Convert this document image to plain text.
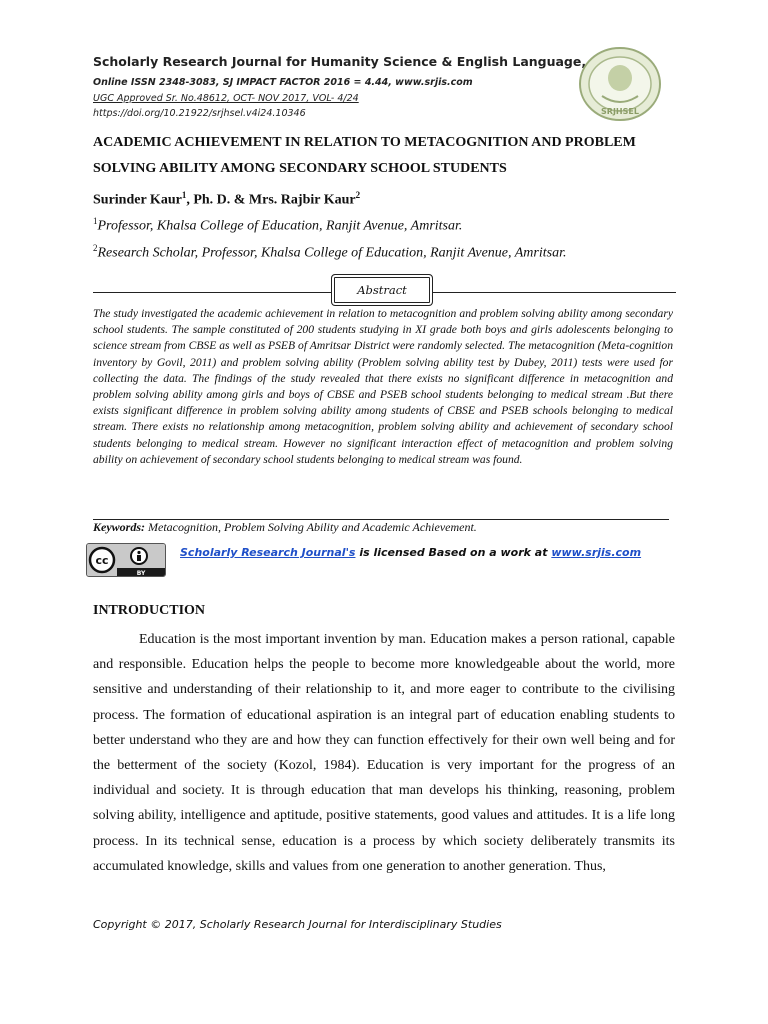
Scholarly Research Journal for Humanity Science & English Language,
Online ISSN 2348-3083, SJ IMPACT FACTOR 2016 = 4.44, www.srjis.com
UGC Approved Sr. No.48612, OCT- NOV 2017, VOL- 4/24
https://doi.org/10.21922/srjhsel.v4i24.10346	SRJHSEL
ACADEMIC ACHIEVEMENT IN RELATION TO METACOGNITION AND PROBLEM SOLVING ABILITY AMONG SECONDARY SCHOOL STUDENTS
Surinder Kaur$^1$, Ph. D. & Mrs. Rajbir Kaur$^2$
$^1$Professor, Khalsa College of Education, Ranjit Avenue, Amritsar.
$^2$Research Scholar, Professor, Khalsa College of Education, Ranjit Avenue, Amritsar.
Abstract
The study investigated the academic achievement in relation to metacognition and problem solving ability among secondary school students. The sample constituted of 200 students studying in XI grade both boys and girls adolescents belonging to science stream from CBSE as well as PSEB of Amritsar District were randomly selected. The metacognition (Meta-cognition inventory by Govil, 2011) and problem solving ability (Problem solving ability test by Dubey, 2011) tests were used for collecting the data. The findings of the study revealed that there exists no significant difference in metacognition and problem solving ability among girls and boys of CBSE and PSEB school students belonging to medical stream .But there exists significant difference in problem solving ability among students of CBSE and PSEB schools belonging to medical stream. There exists no relationship among metacognition, problem solving ability and achievement of secondary school students belonging to medical stream. However no significant interaction effect of metacognition and problem solving ability on achievement of secondary school students belonging to medical stream was found.
Keywords: Metacognition, Problem Solving Ability and Academic Achievement.
cc
BY
Scholarly Research Journal's is licensed Based on a work at www.srjis.com
INTRODUCTION
Education is the most important invention by man. Education makes a person rational, capable and responsible. Education helps the people to become more knowledgeable about the world, more sensitive and understanding of their relationship to it, and more eager to contribute to the civilising process. The formation of educational aspiration is an integral part of education enabling students to better understand who they are and how they can function effectively for their own well being and for the betterment of the society (Kozol, 1984). Education is very important for the progress of an individual and society. It is through education that man develops his thinking, reasoning, problem solving ability, intelligence and aptitude, positive statements, good values and attitudes. It is a life long process. In its technical sense, education is a process by which society deliberately transmits its accumulated knowledge, skills and values from one generation to another generation. Thus,
Copyright © 2017, Scholarly Research Journal for Interdisciplinary Studies
